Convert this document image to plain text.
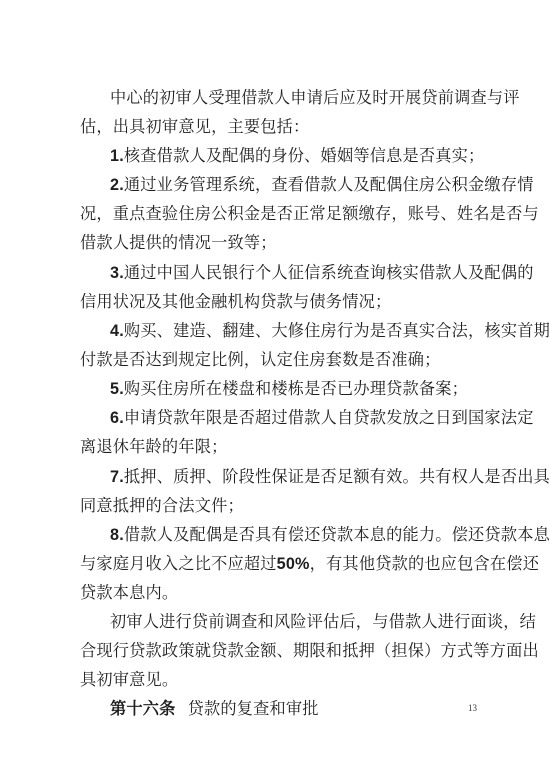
中心的初审人受理借款人申请后应及时开展贷前调查与评
估，出具初审意见，主要包括：
1.核查借款人及配偶的身份、婚姻等信息是否真实；
2.通过业务管理系统，查看借款人及配偶住房公积金缴存情
况，重点查验住房公积金是否正常足额缴存，账号、姓名是否与
借款人提供的情况一致等；
3.通过中国人民银行个人征信系统查询核实借款人及配偶的
信用状况及其他金融机构贷款与债务情况；
4.购买、建造、翻建、大修住房行为是否真实合法，核实首期
付款是否达到规定比例，认定住房套数是否准确；
5.购买住房所在楼盘和楼栋是否已办理贷款备案；
6.申请贷款年限是否超过借款人自贷款发放之日到国家法定
离退休年龄的年限；
7.抵押、质押、阶段性保证是否足额有效。共有权人是否出具
同意抵押的合法文件；
8.借款人及配偶是否具有偿还贷款本息的能力。偿还贷款本息
与家庭月收入之比不应超过50%，有其他贷款的也应包含在偿还
贷款本息内。
初审人进行贷前调查和风险评估后，与借款人进行面谈，结
合现行贷款政策就贷款金额、期限和抵押（担保）方式等方面出
具初审意见。
第十六条 贷款的复查和审批	13
